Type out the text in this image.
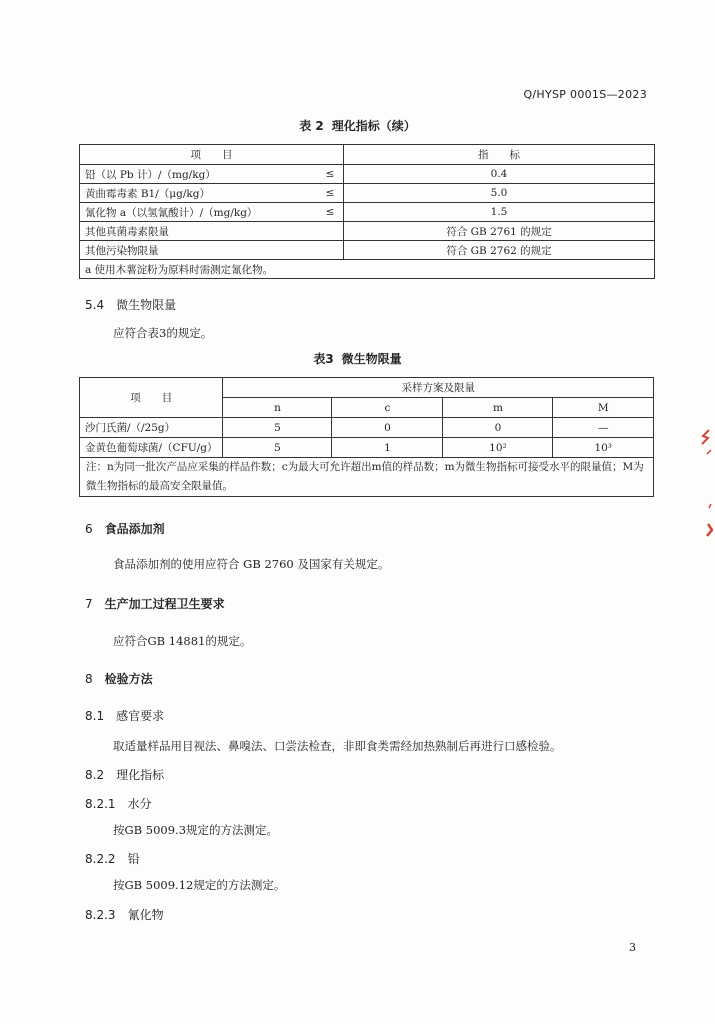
Q/HYSP 0001S—2023
表 2 理化指标（续）
项　　目		指　　标
铅（以 Pb 计）/（mg/kg）	≤	0.4
黄曲霉毒素 B1/（μg/kg）	≤	5.0
氰化物 a（以氢氰酸计）/（mg/kg）	≤	1.5
其他真菌毒素限量		符合 GB 2761 的规定
其他污染物限量		符合 GB 2762 的规定
a 使用木薯淀粉为原料时需测定氰化物。		
5.4　 微生物限量
应符合表3的规定。
表3 微生物限量
项　　目	采样方案及限量			
	n	c	m	M
沙门氏菌/（/25g）	5	0	0	—
金黄色葡萄球菌/（CFU/g）	5	1	10²	10³
注：n为同一批次产品应采集的样品件数；c为最大可允许超出m值的样品数；m为微生物指标可接受水平的限量值；M为微生物指标的最高安全限量值。				
6　 食品添加剂
食品添加剂的使用应符合 GB 2760 及国家有关规定。
7　 生产加工过程卫生要求
应符合GB 14881的规定。
8　 检验方法
8.1　 感官要求
取适量样品用目视法、鼻嗅法、口尝法检查，非即食类需经加热熟制后再进行口感检验。
8.2　 理化指标
8.2.1　 水分
按GB 5009.3规定的方法测定。
8.2.2　 铅
按GB 5009.12规定的方法测定。
8.2.3　 氰化物
3
